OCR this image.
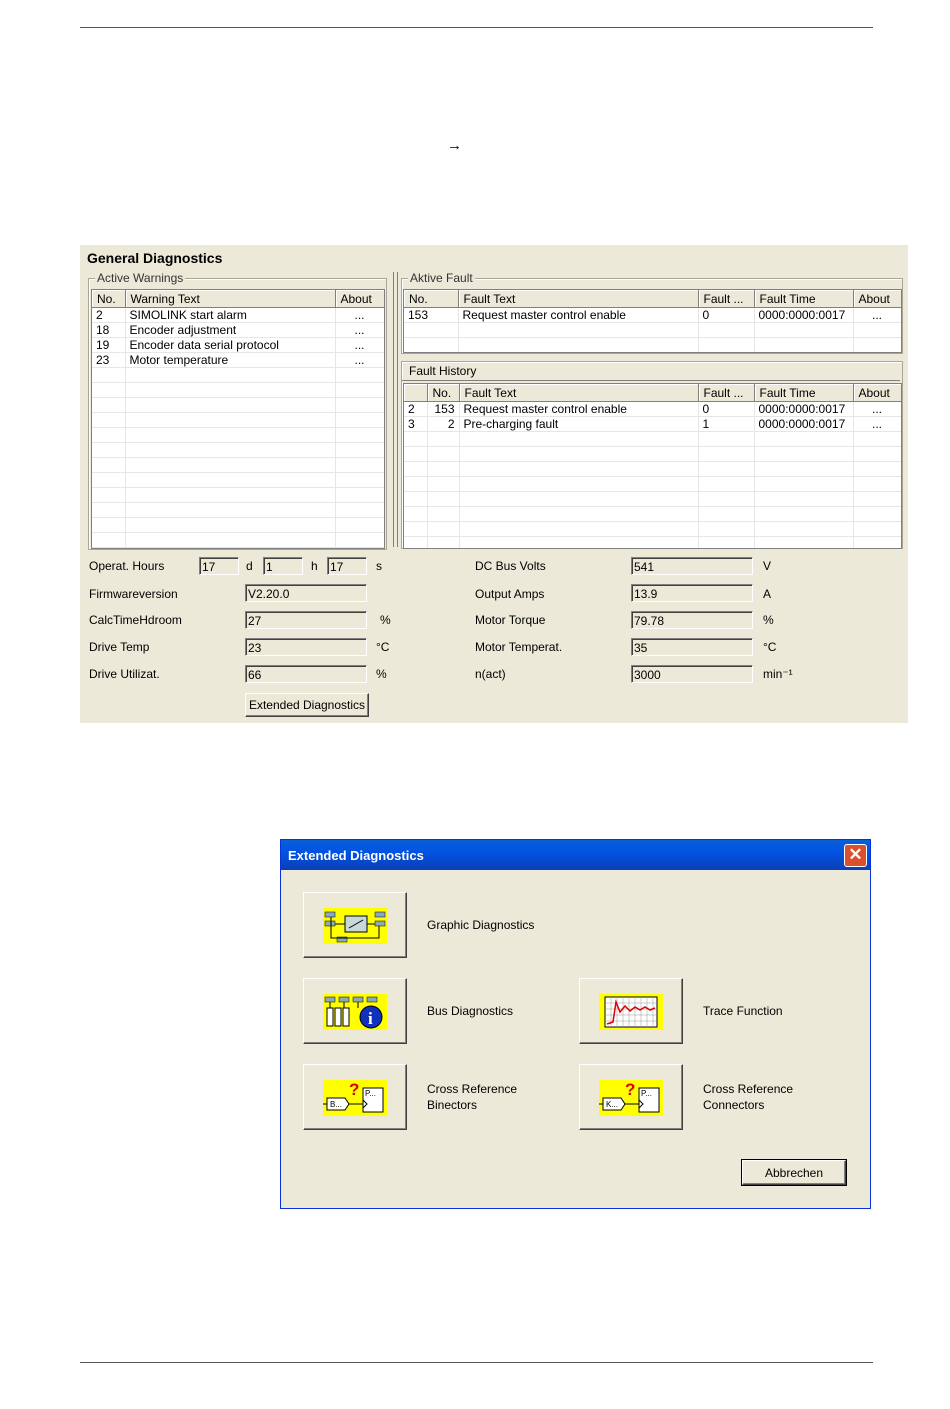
→
General Diagnostics
Active Warnings
No.	Warning Text	About
2	SIMOLINK start alarm	...
18	Encoder adjustment	...
19	Encoder data serial protocol	...
23	Motor temperature	...

Aktive Fault
No.	Fault Text	Fault ...	Fault Time	About
153	Request master control enable	0	0000:0000:0017	...

Fault History
	No.	Fault Text	Fault ...	Fault Time	About
2	153	Request master control enable	0	0000:0000:0017	...
3	2	Pre-charging fault	1	0000:0000:0017	...

Operat. Hours	17	d 1	h 17	s
Firmwareversion	V2.20.0
CalcTimeHdroom	27	%
Drive Temp	23	°C
Drive Utilizat.	66	%
Extended Diagnostics
DC Bus Volts	541	V
Output Amps	13.9	A
Motor Torque	79.78	%
Motor Temperat.	35	°C
n(act)	3000	min⁻¹
Extended Diagnostics	✕
Graphic Diagnostics
i	Bus Diagnostics	Trace Function
B...
? P...	Cross Reference
Binectors	K...
? P...	Cross Reference
Connectors
Abbrechen
